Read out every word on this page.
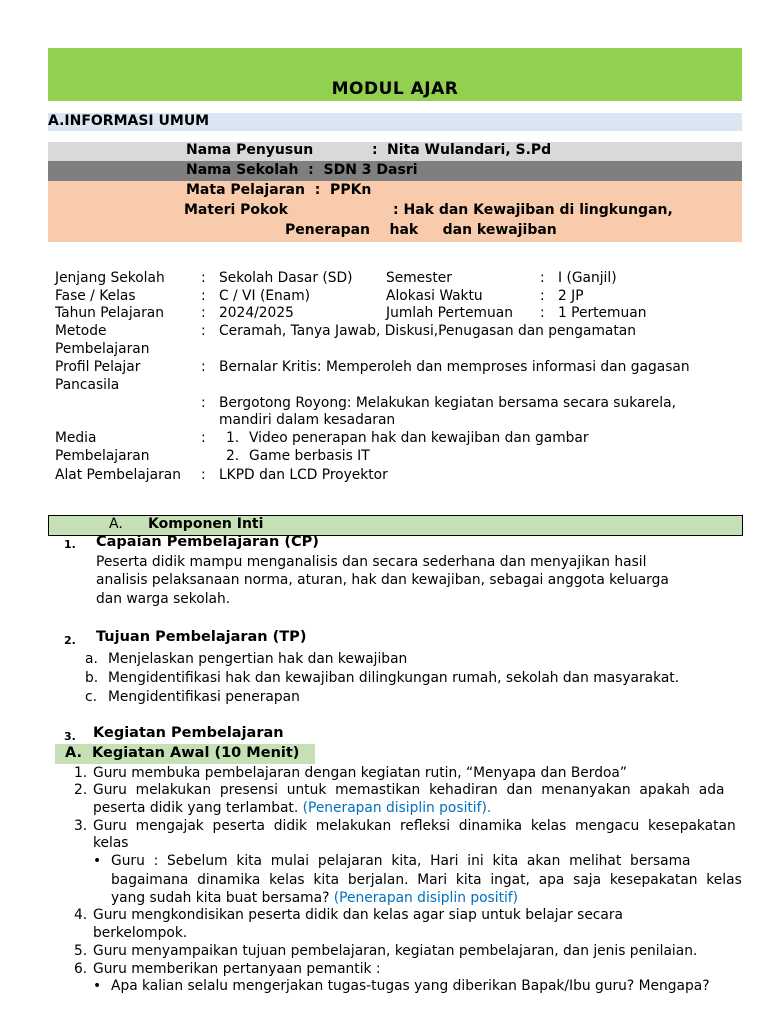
MODUL AJAR
A.INFORMASI UMUM
Nama Penyusun	: Nita Wulandari, S.Pd
Nama Sekolah  :  SDN 3 Dasri
Mata Pelajaran  :  PPKn
Materi Pokok	: Hak dan Kewajiban di lingkungan,
Penerapan    hak     dan kewajiban
Jenjang Sekolah	: Sekolah Dasar (SD) Semester	: I (Ganjil)
Fase / Kelas	: C / VI (Enam)	Alokasi Waktu	: 2 JP
Tahun Pelajaran	: 2024/2025	Jumlah Pertemuan : 1 Pertemuan
Metode
Pembelajaran
: Ceramah, Tanya Jawab, Diskusi,Penugasan dan pengamatan
Profil Pelajar
Pancasila
: Bernalar Kritis: Memperoleh dan memproses informasi dan gagasan
: Bergotong Royong: Melakukan kegiatan bersama secara sukarela,
mandiri dalam kesadaran
Media
Pembelajaran
: 1. Video penerapan hak dan kewajiban dan gambar
2. Game berbasis IT
Alat Pembelajaran : LKPD dan LCD Proyektor
A. Komponen Inti
1. Capaian Pembelajaran (CP)
Peserta didik mampu menganalisis dan secara sederhana dan menyajikan hasil
analisis pelaksanaan norma, aturan, hak dan kewajiban, sebagai anggota keluarga
dan warga sekolah.
2. Tujuan Pembelajaran (TP)
a. Menjelaskan pengertian hak dan kewajiban
b. Mengidentifikasi hak dan kewajiban dilingkungan rumah, sekolah dan masyarakat.
c. Mengidentifikasi penerapan
3. Kegiatan Pembelajaran
A. Kegiatan Awal (10 Menit)
1. Guru membuka pembelajaran dengan kegiatan rutin, “Menyapa dan Berdoa”
2. Guru  melakukan  presensi  untuk  memastikan  kehadiran  dan  menanyakan  apakah  ada
peserta didik yang terlambat. (Penerapan disiplin positif).
3. Guru  mengajak  peserta  didik  melakukan  refleksi  dinamika  kelas  mengacu  kesepakatan
kelas
• Guru  :  Sebelum  kita  mulai  pelajaran  kita,  Hari  ini  kita  akan  melihat  bersama
bagaimana  dinamika  kelas  kita  berjalan.  Mari  kita  ingat,  apa  saja  kesepakatan  kelas
yang sudah kita buat bersama? (Penerapan disiplin positif)
4. Guru mengkondisikan peserta didik dan kelas agar siap untuk belajar secara
berkelompok.
5. Guru menyampaikan tujuan pembelajaran, kegiatan pembelajaran, dan jenis penilaian.
6. Guru memberikan pertanyaan pemantik :
• Apa kalian selalu mengerjakan tugas-tugas yang diberikan Bapak/Ibu guru? Mengapa?
